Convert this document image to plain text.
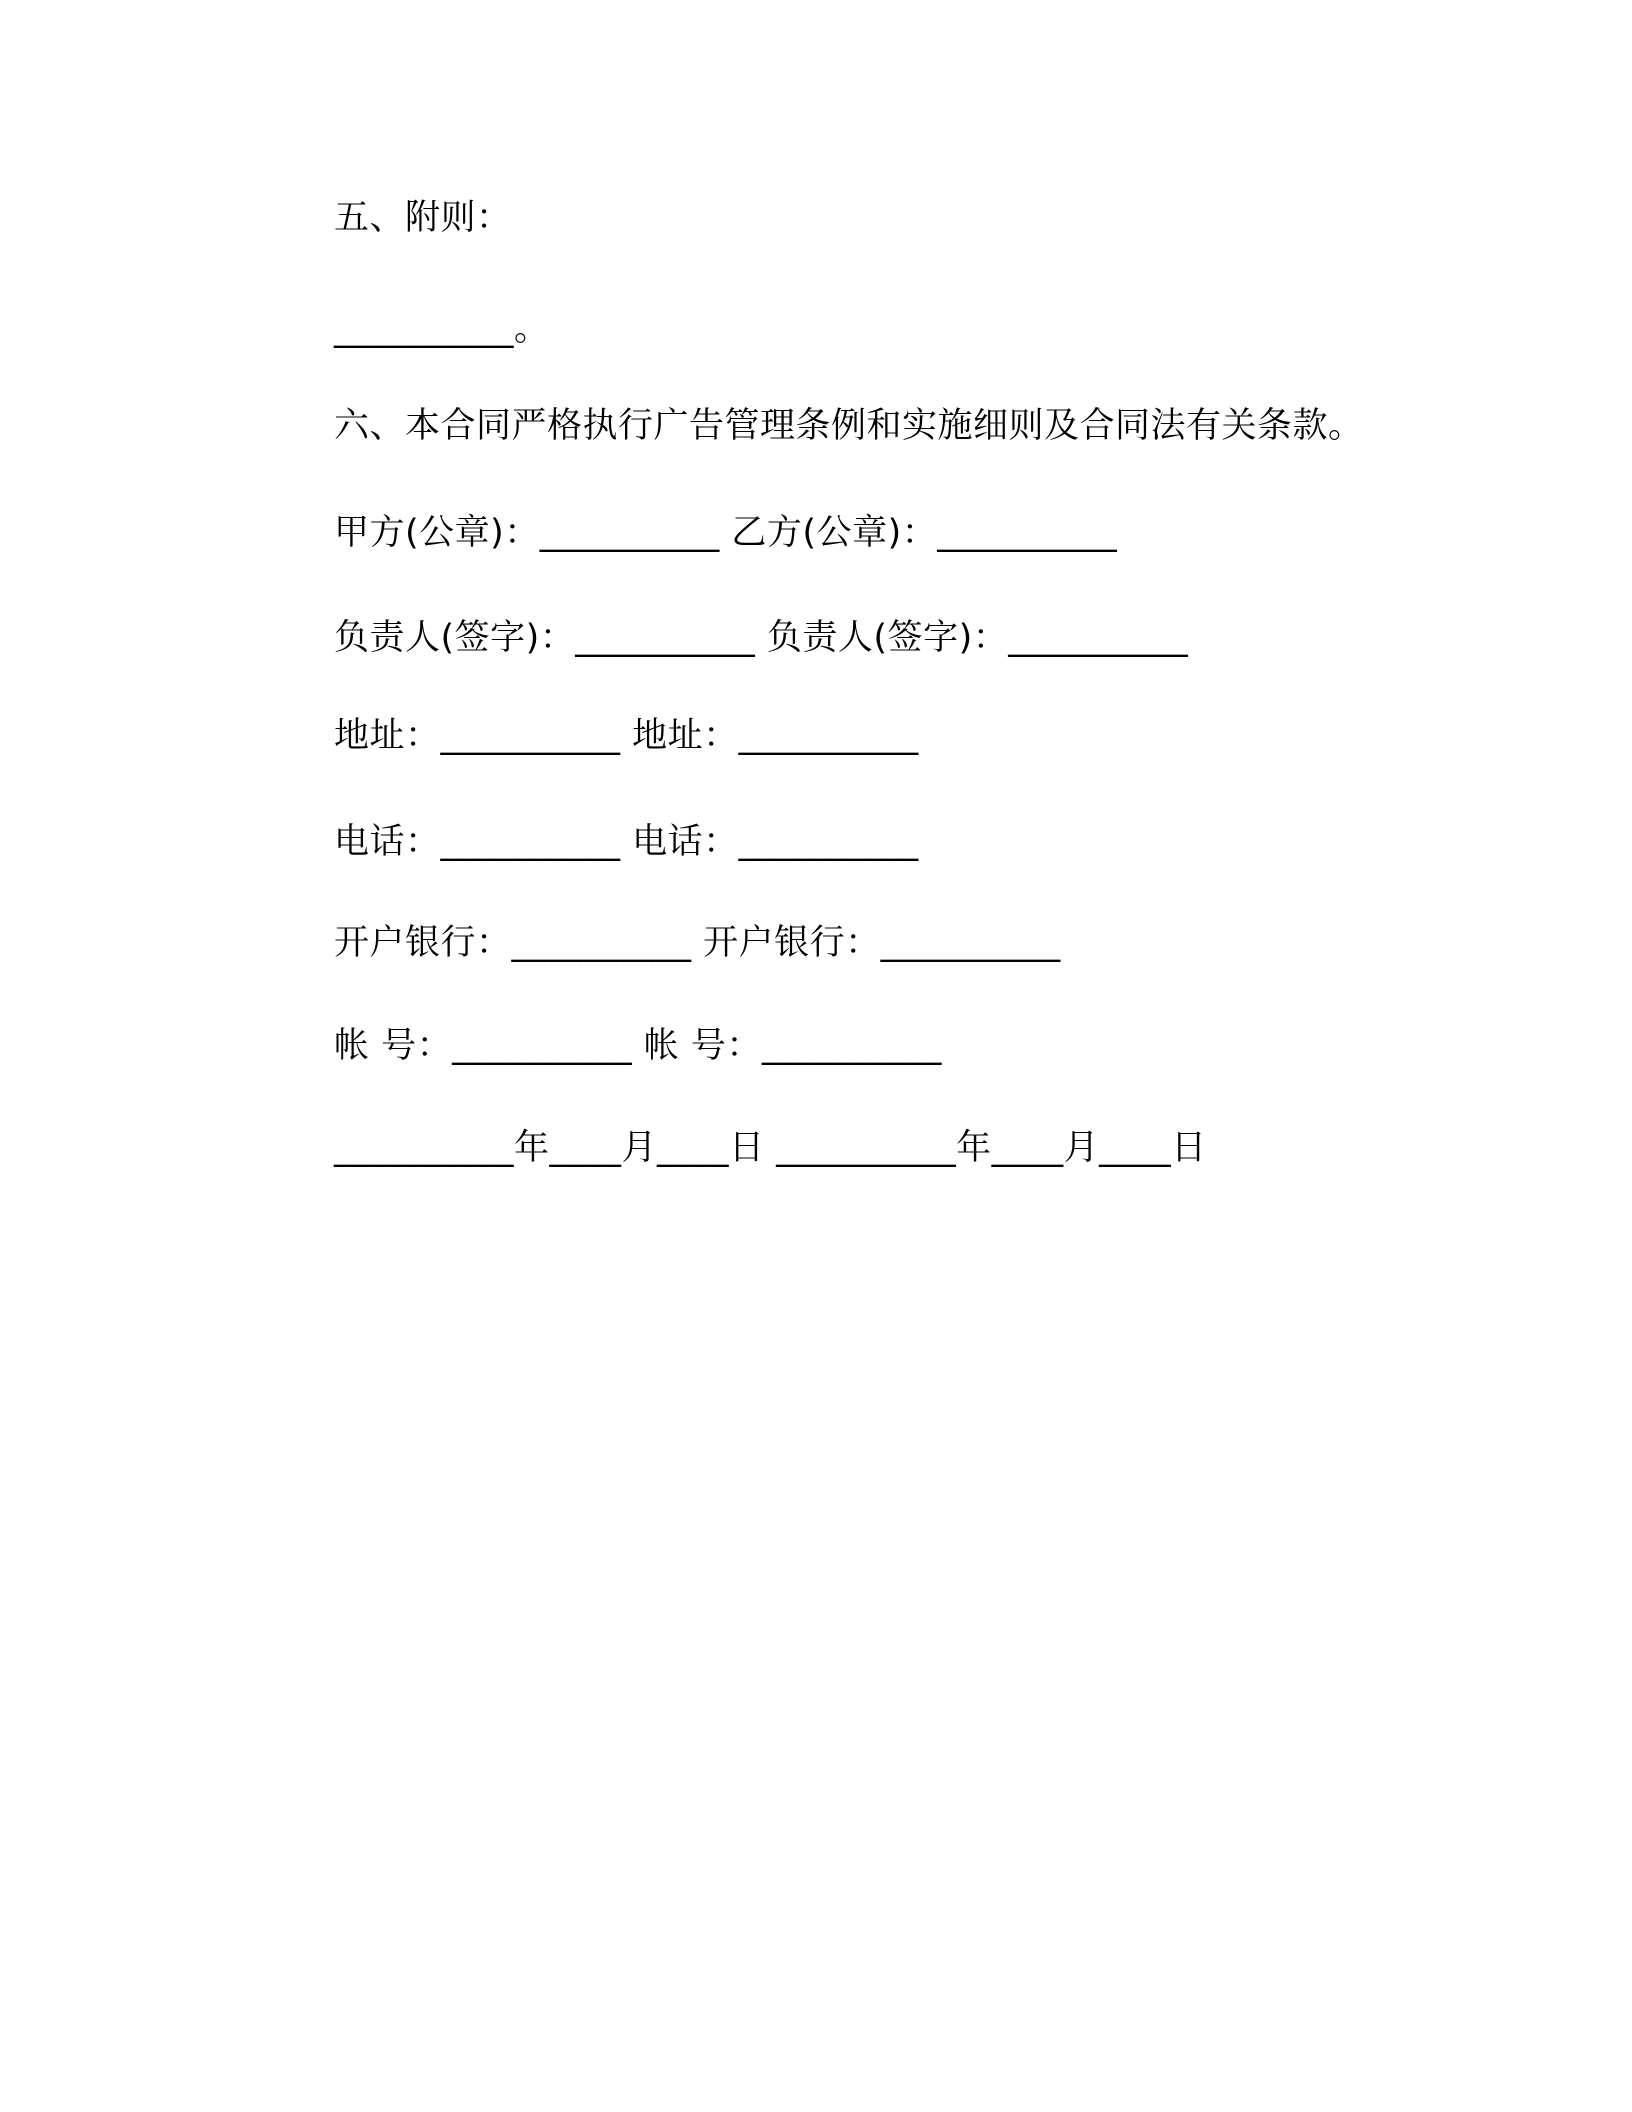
五、附则：
__________。
六、本合同严格执行广告管理条例和实施细则及合同法有关条款。
甲方(公章)：__________ 乙方(公章)：__________
负责人(签字)：__________ 负责人(签字)：__________
地址：__________ 地址：__________
电话：__________ 电话：__________
开户银行：__________ 开户银行：__________
帐 号：__________ 帐 号：__________
__________年____月____日 __________年____月____日
